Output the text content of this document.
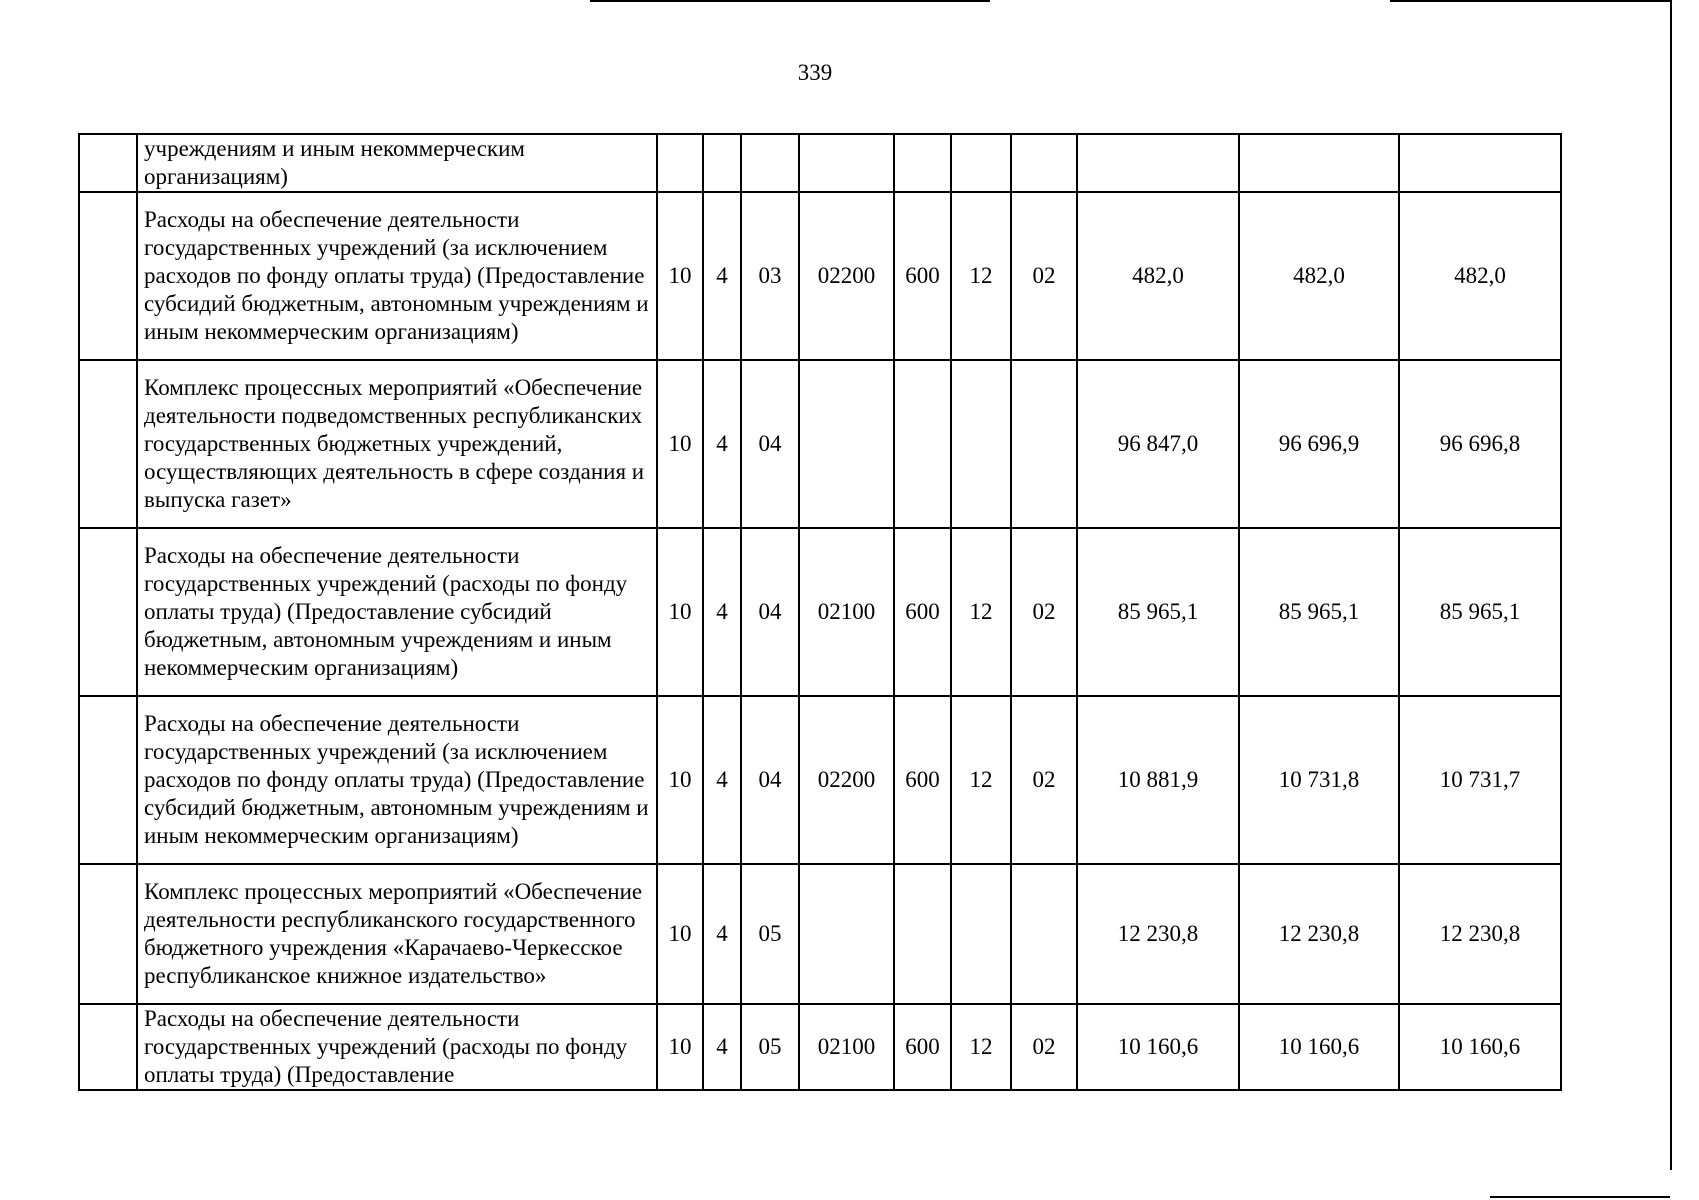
339
	учреждениям и иным некоммерческим организациям)										
	Расходы на обеспечение деятельности государственных учреждений (за исключением расходов по фонду оплаты труда) (Предоставление субсидий бюджетным, автономным учреждениям и иным некоммерческим организациям)	10	4	03	02200	600	12	02	482,0	482,0	482,0
	Комплекс процессных мероприятий «Обеспечение деятельности подведомственных республиканских государственных бюджетных учреждений, осуществляющих деятельность в сфере создания и выпуска газет»	10	4	04					96 847,0	96 696,9	96 696,8
	Расходы на обеспечение деятельности государственных учреждений (расходы по фонду оплаты труда) (Предоставление субсидий бюджетным, автономным учреждениям и иным некоммерческим организациям)	10	4	04	02100	600	12	02	85 965,1	85 965,1	85 965,1
	Расходы на обеспечение деятельности государственных учреждений (за исключением расходов по фонду оплаты труда) (Предоставление субсидий бюджетным, автономным учреждениям и иным некоммерческим организациям)	10	4	04	02200	600	12	02	10 881,9	10 731,8	10 731,7
	Комплекс процессных мероприятий «Обеспечение деятельности республиканского государственного бюджетного учреждения «Карачаево-Черкесское республиканское книжное издательство»	10	4	05					12 230,8	12 230,8	12 230,8
	Расходы на обеспечение деятельности государственных учреждений (расходы по фонду оплаты труда) (Предоставление	10	4	05	02100	600	12	02	10 160,6	10 160,6	10 160,6
